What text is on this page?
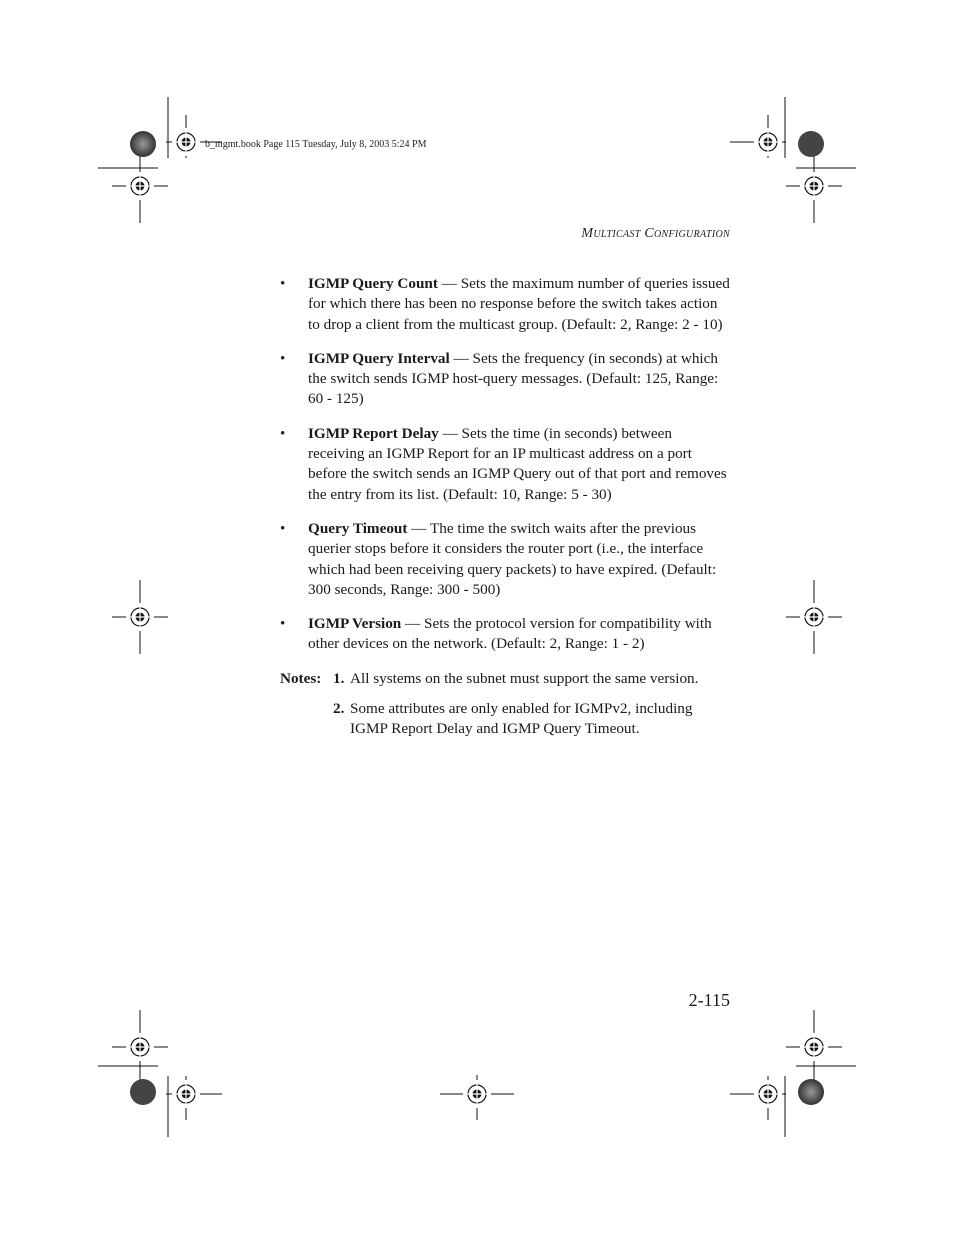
b_mgmt.book Page 115 Tuesday, July 8, 2003 5:24 PM
Multicast Configuration
•	IGMP Query Count — Sets the maximum number of queries issued for which there has been no response before the switch takes action to drop a client from the multicast group. (Default: 2, Range: 2 - 10)
•	IGMP Query Interval — Sets the frequency (in seconds) at which the switch sends IGMP host-query messages. (Default: 125, Range: 60 - 125)
•	IGMP Report Delay — Sets the time (in seconds) between receiving an IGMP Report for an IP multicast address on a port before the switch sends an IGMP Query out of that port and removes the entry from its list. (Default: 10, Range: 5 - 30)
•	Query Timeout — The time the switch waits after the previous querier stops before it considers the router port (i.e., the interface which had been receiving query packets) to have expired. (Default: 300 seconds, Range: 300 - 500)
•	IGMP Version — Sets the protocol version for compatibility with other devices on the network. (Default: 2, Range: 1 - 2)
Notes: 1. All systems on the subnet must support the same version.
2. Some attributes are only enabled for IGMPv2, including IGMP Report Delay and IGMP Query Timeout.
2-115
